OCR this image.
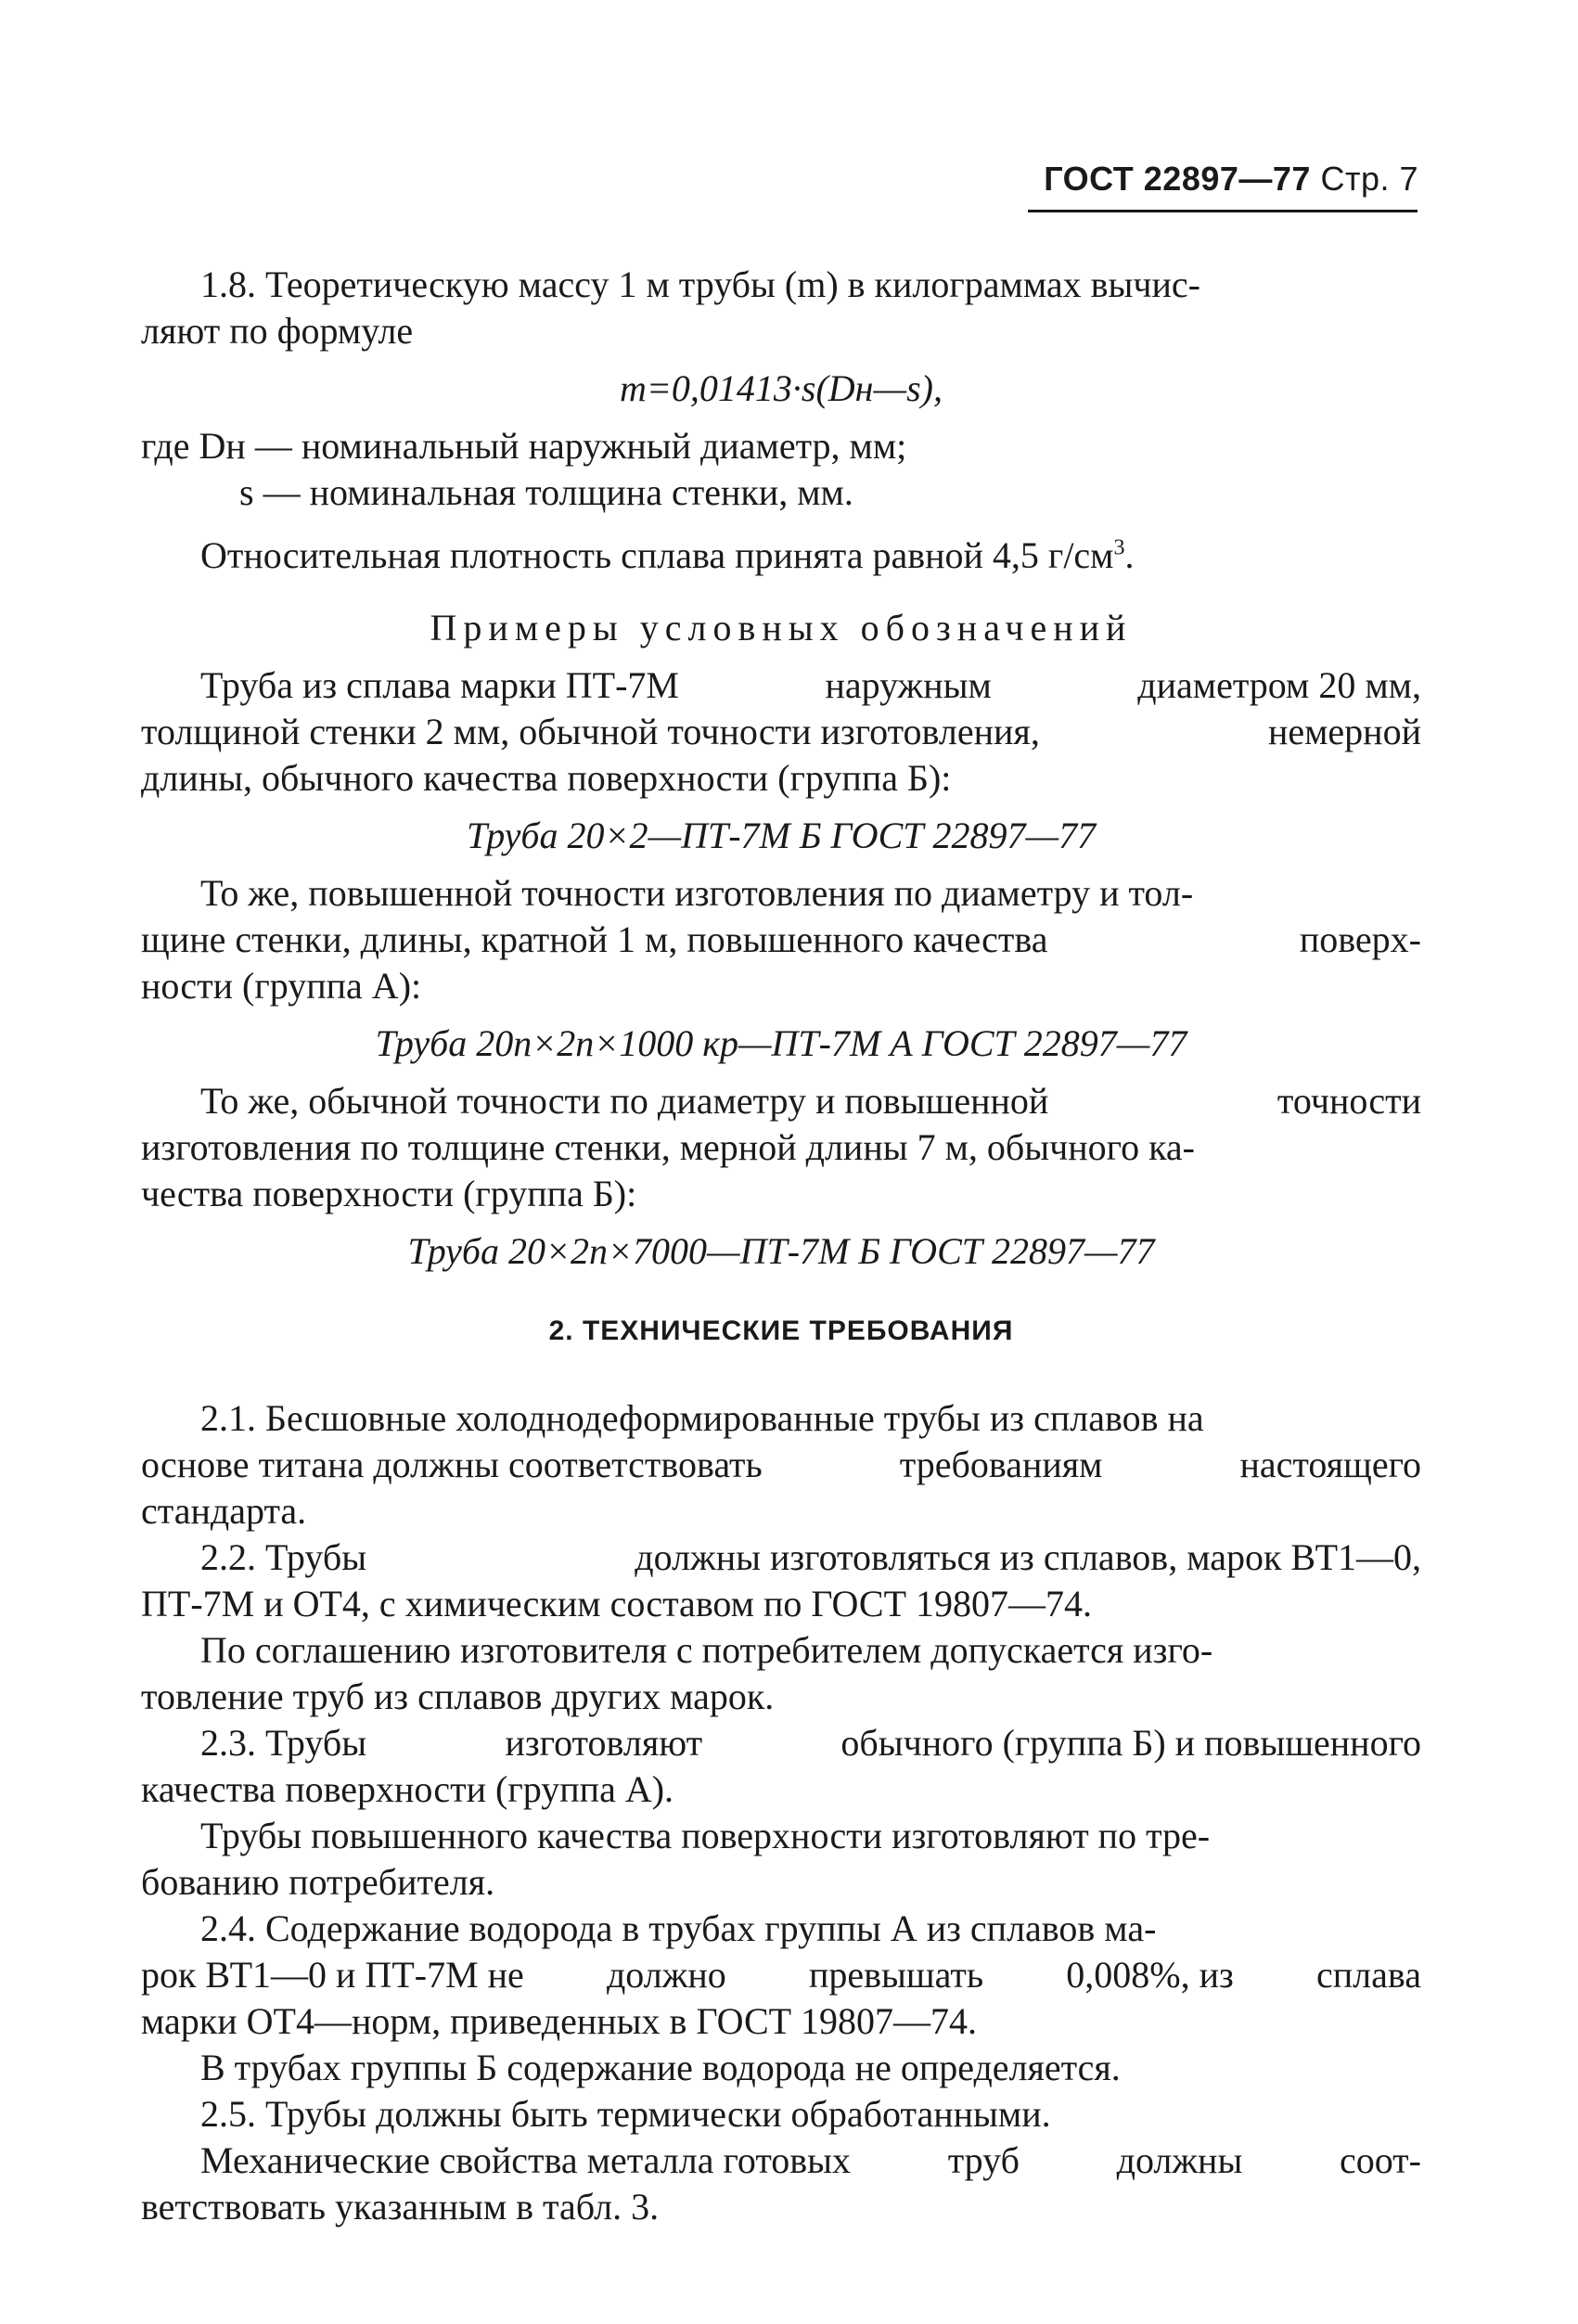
ГОСТ 22897—77 Стр. 7
1.8. Теоретическую массу 1 м трубы (m) в килограммах вычис-
ляют по формуле
m=0,01413·s(Dн—s),
где Dн — номинальный наружный диаметр, мм;
s — номинальная толщина стенки, мм.
Относительная плотность сплава принята равной 4,5 $г/см^3$.
Примеры условных обозначений
Труба из сплава марки ПТ-7М	наружным	диаметром 20 мм,
толщиной стенки 2 мм, обычной точности изготовления,	немерной
длины, обычного качества поверхности (группа Б):
Труба 20×2—ПТ-7М Б ГОСТ 22897—77
То же, повышенной точности изготовления по диаметру и тол-
щине стенки, длины, кратной 1 м, повышенного качества	поверх-
ности (группа А):
Труба 20п×2п×1000 кр—ПТ-7М А ГОСТ 22897—77
То же, обычной точности по диаметру и повышенной	точности
изготовления по толщине стенки, мерной длины 7 м, обычного ка-
чества поверхности (группа Б):
Труба 20×2п×7000—ПТ-7М Б ГОСТ 22897—77
2. ТЕХНИЧЕСКИЕ ТРЕБОВАНИЯ
2.1. Бесшовные холоднодеформированные трубы из сплавов на
основе титана должны соответствовать	требованиям	настоящего
стандарта.
2.2. Трубы	должны изготовляться из сплавов, марок ВТ1—0,
ПТ-7М и ОТ4, с химическим составом по ГОСТ 19807—74.
По соглашению изготовителя с потребителем допускается изго-
товление труб из сплавов других марок.
2.3. Трубы	изготовляют	обычного (группа Б) и повышенного
качества поверхности (группа А).
Трубы повышенного качества поверхности изготовляют по тре-
бованию потребителя.
2.4. Содержание водорода в трубах группы А из сплавов ма-
рок ВТ1—0 и ПТ-7М не должно превышать 0,008%, из сплава
марки ОТ4—норм, приведенных в ГОСТ 19807—74.
В трубах группы Б содержание водорода не определяется.
2.5. Трубы должны быть термически обработанными.
Механические свойства металла готовых	труб	должны	соот-
ветствовать указанным в табл. 3.
